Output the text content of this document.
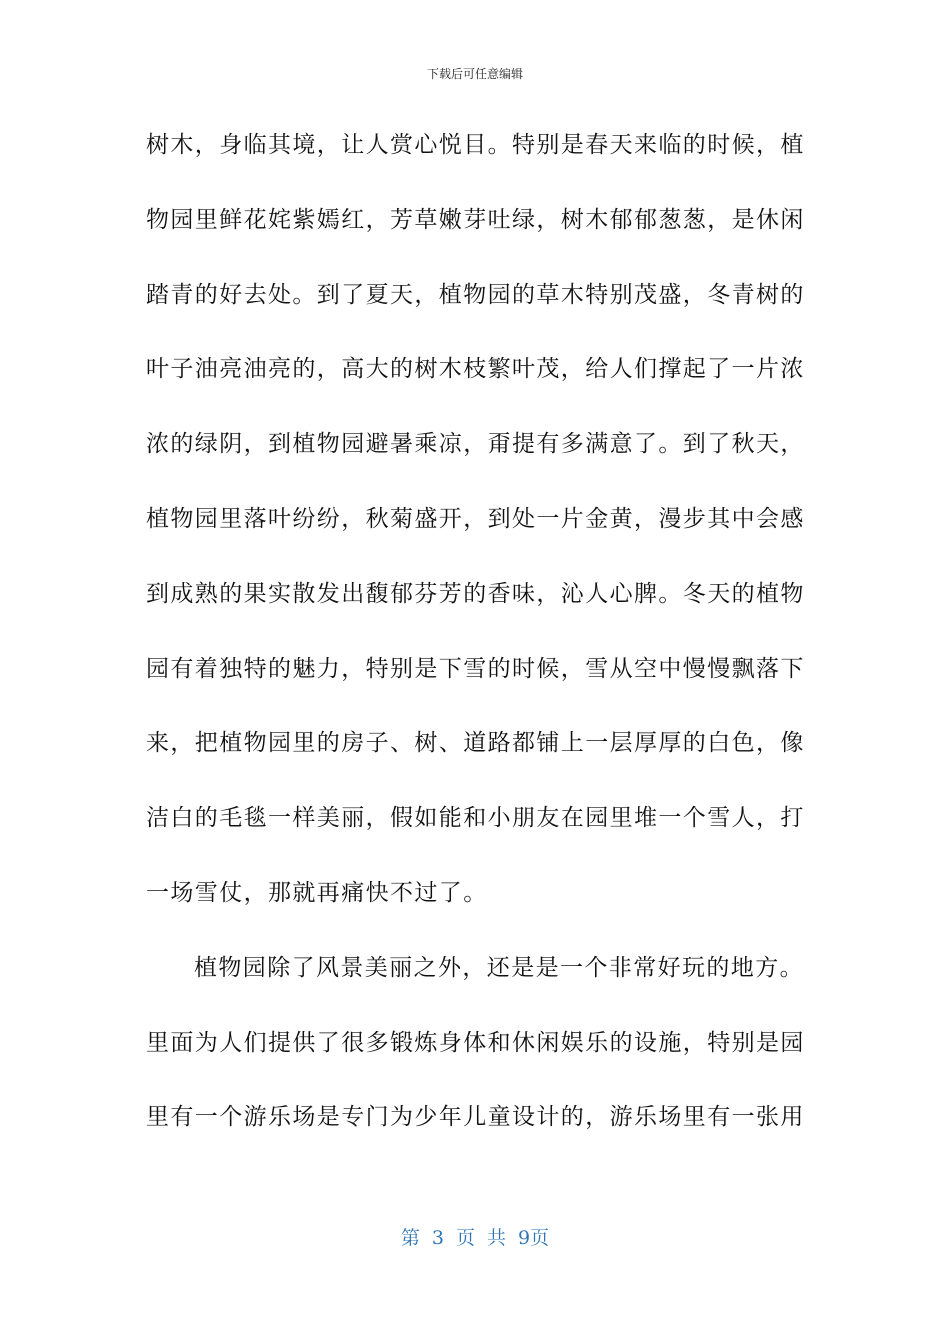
下载后可任意编辑
树木，身临其境，让人赏心悦目。特别是春天来临的时候，植
物园里鲜花姹紫嫣红，芳草嫩芽吐绿，树木郁郁葱葱，是休闲
踏青的好去处。到了夏天，植物园的草木特别茂盛，冬青树的
叶子油亮油亮的，高大的树木枝繁叶茂，给人们撑起了一片浓
浓的绿阴，到植物园避暑乘凉，甭提有多满意了。到了秋天，
植物园里落叶纷纷，秋菊盛开，到处一片金黄，漫步其中会感
到成熟的果实散发出馥郁芬芳的香味，沁人心脾。冬天的植物
园有着独特的魅力，特别是下雪的时候，雪从空中慢慢飘落下
来，把植物园里的房子、树、道路都铺上一层厚厚的白色，像
洁白的毛毯一样美丽，假如能和小朋友在园里堆一个雪人，打
一场雪仗，那就再痛快不过了。
植物园除了风景美丽之外，还是是一个非常好玩的地方。
里面为人们提供了很多锻炼身体和休闲娱乐的设施，特别是园
里有一个游乐场是专门为少年儿童设计的，游乐场里有一张用
第 3 页 共 9页
